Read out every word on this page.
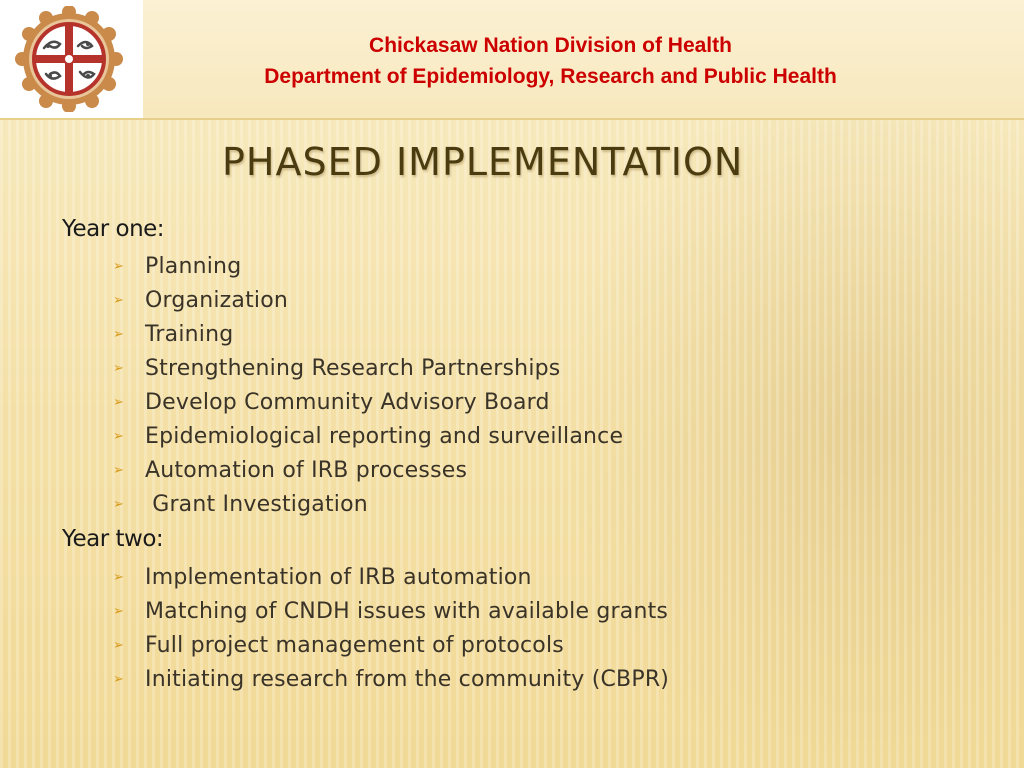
Chickasaw Nation Division of Health
Department of Epidemiology, Research and Public Health
PHASED IMPLEMENTATION
Year one:
➢ Planning
➢ Organization
➢ Training
➢ Strengthening Research Partnerships
➢ Develop Community Advisory Board
➢ Epidemiological reporting and surveillance
➢ Automation of IRB processes
➢ Grant Investigation
Year two:
➢ Implementation of IRB automation
➢ Matching of CNDH issues with available grants
➢ Full project management of protocols
➢ Initiating research from the community (CBPR)
